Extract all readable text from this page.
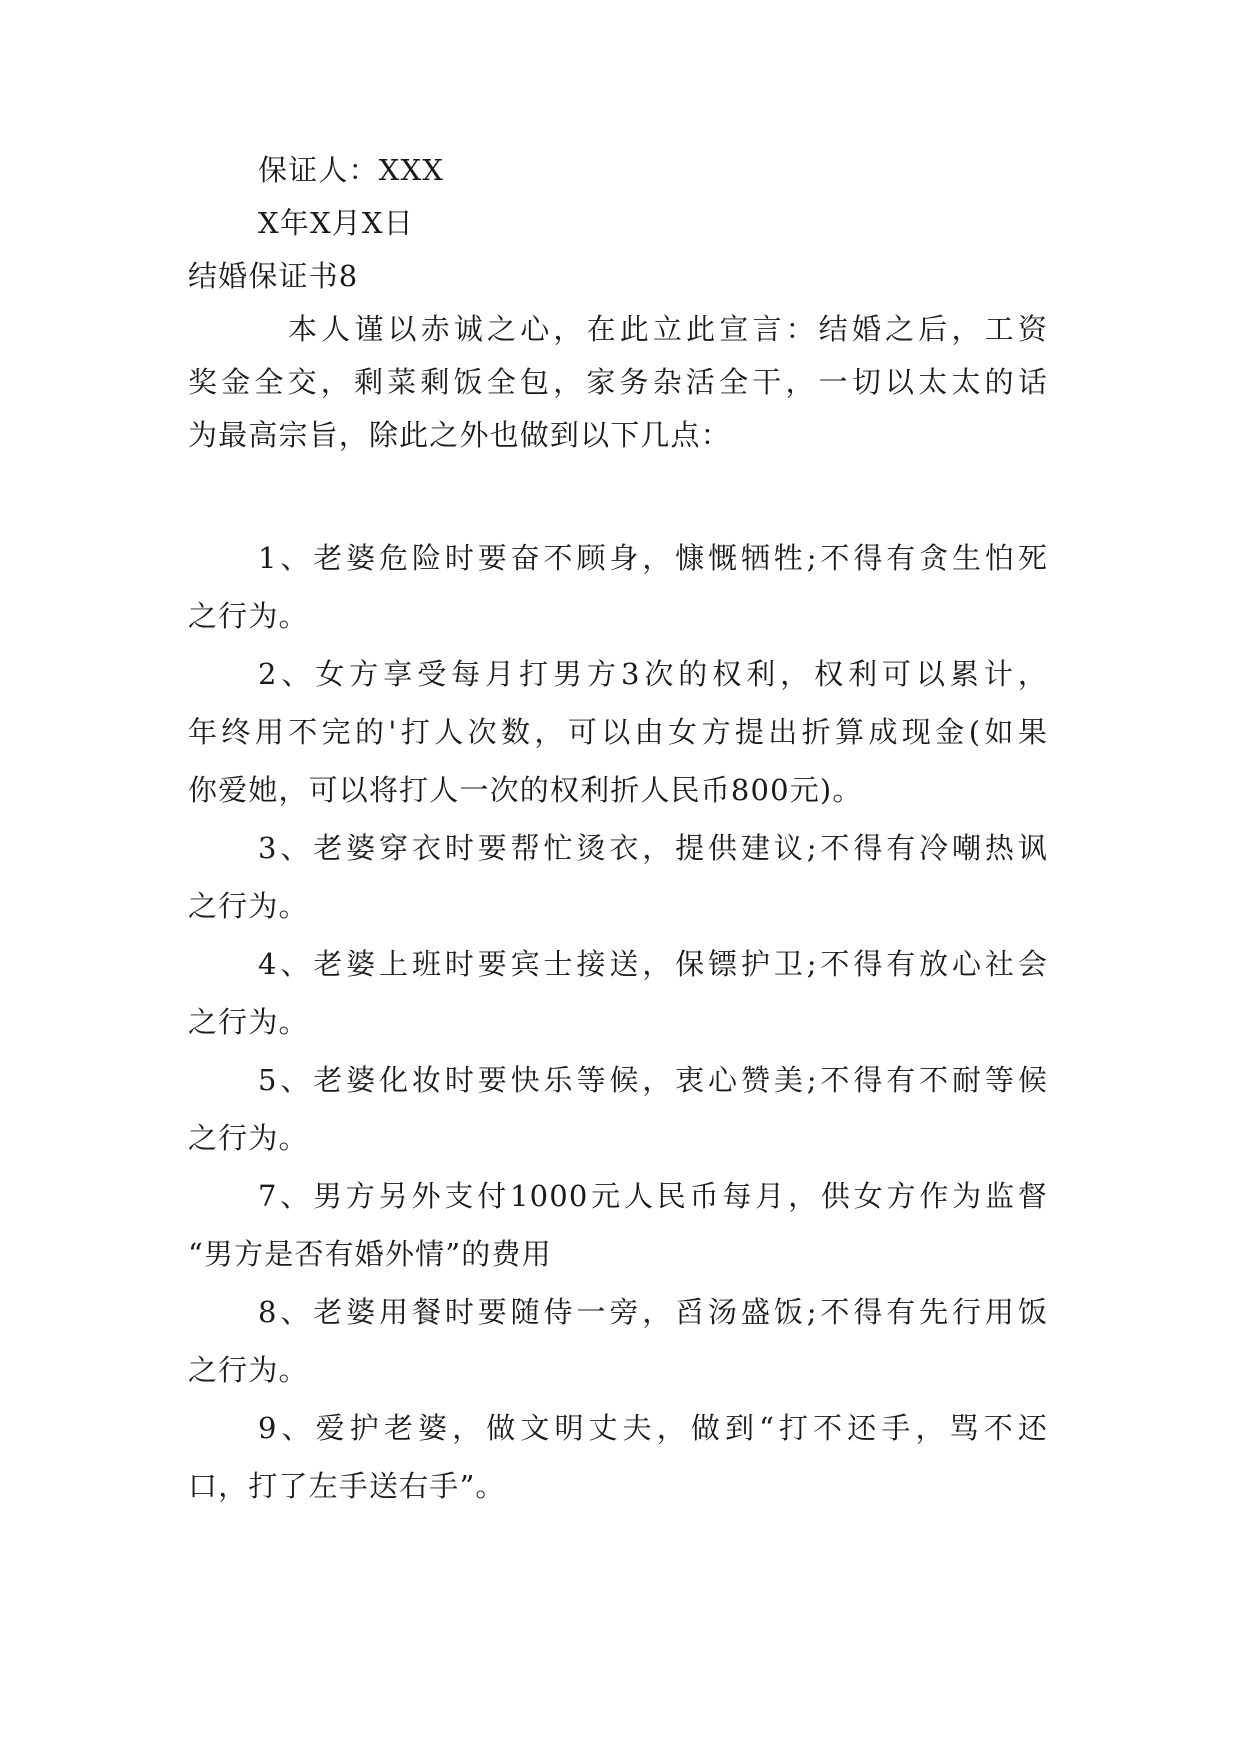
保证人：XXX
X年X月X日
结婚保证书8
本人谨以赤诚之心，在此立此宣言：结婚之后，工资
奖金全交，剩菜剩饭全包，家务杂活全干，一切以太太的话
为最高宗旨，除此之外也做到以下几点：
1、老婆危险时要奋不顾身，慷慨牺牲;不得有贪生怕死
之行为。
2、女方享受每月打男方3次的权利，权利可以累计，
年终用不完的'打人次数，可以由女方提出折算成现金(如果
你爱她，可以将打人一次的权利折人民币800元)。
3、老婆穿衣时要帮忙烫衣，提供建议;不得有冷嘲热讽
之行为。
4、老婆上班时要宾士接送，保镖护卫;不得有放心社会
之行为。
5、老婆化妆时要快乐等候，衷心赞美;不得有不耐等候
之行为。
7、男方另外支付1000元人民币每月，供女方作为监督
“男方是否有婚外情”的费用
8、老婆用餐时要随侍一旁，舀汤盛饭;不得有先行用饭
之行为。
9、爱护老婆，做文明丈夫，做到“打不还手，骂不还
口，打了左手送右手”。
